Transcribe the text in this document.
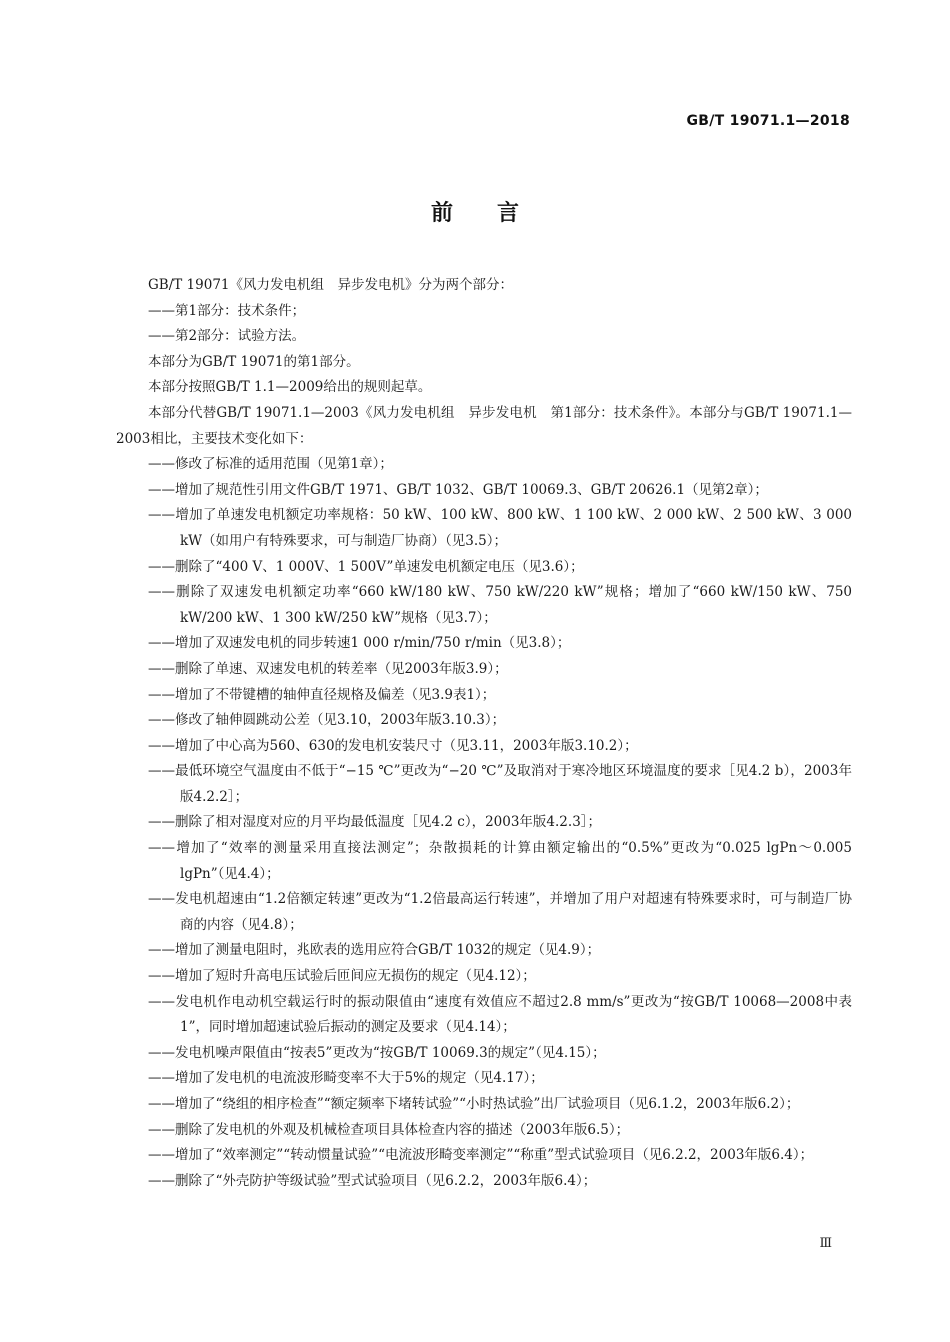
GB/T 19071.1—2018
前言

GB/T 19071《风力发电机组　异步发电机》分为两个部分：

——第1部分：技术条件；

——第2部分：试验方法。

本部分为GB/T 19071的第1部分。

本部分按照GB/T 1.1—2009给出的规则起草。

本部分代替GB/T 19071.1—2003《风力发电机组　异步发电机　第1部分：技术条件》。本部分与GB/T 19071.1—2003相比，主要技术变化如下：

——修改了标准的适用范围（见第1章）；

——增加了规范性引用文件GB/T 1971、GB/T 1032、GB/T 10069.3、GB/T 20626.1（见第2章）；

——增加了单速发电机额定功率规格：50 kW、100 kW、800 kW、1 100 kW、2 000 kW、2 500 kW、3 000 kW（如用户有特殊要求，可与制造厂协商）（见3.5）；

——删除了“400 V、1 000V、1 500V”单速发电机额定电压（见3.6）；

——删除了双速发电机额定功率“660 kW/180 kW、750 kW/220 kW”规格；增加了“660 kW/150 kW、750 kW/200 kW、1 300 kW/250 kW”规格（见3.7）；

——增加了双速发电机的同步转速1 000 r/min/750 r/min（见3.8）；

——删除了单速、双速发电机的转差率（见2003年版3.9）；

——增加了不带键槽的轴伸直径规格及偏差（见3.9表1）；

——修改了轴伸圆跳动公差（见3.10，2003年版3.10.3）；

——增加了中心高为560、630的发电机安装尺寸（见3.11，2003年版3.10.2）；

——最低环境空气温度由不低于“−15 ℃”更改为“−20 ℃”及取消对于寒冷地区环境温度的要求［见4.2 b），2003年版4.2.2］；

——删除了相对湿度对应的月平均最低温度［见4.2 c），2003年版4.2.3］；

——增加了“效率的测量采用直接法测定”；杂散损耗的计算由额定输出的“0.5%”更改为“0.025 lgPn～0.005 lgPn”（见4.4）；

——发电机超速由“1.2倍额定转速”更改为“1.2倍最高运行转速”，并增加了用户对超速有特殊要求时，可与制造厂协商的内容（见4.8）；

——增加了测量电阻时，兆欧表的选用应符合GB/T 1032的规定（见4.9）；

——增加了短时升高电压试验后匝间应无损伤的规定（见4.12）；

——发电机作电动机空载运行时的振动限值由“速度有效值应不超过2.8 mm/s”更改为“按GB/T 10068—2008中表1”，同时增加超速试验后振动的测定及要求（见4.14）；

——发电机噪声限值由“按表5”更改为“按GB/T 10069.3的规定”（见4.15）；

——增加了发电机的电流波形畸变率不大于5%的规定（见4.17）；

——增加了“绕组的相序检查”“额定频率下堵转试验”“小时热试验”出厂试验项目（见6.1.2，2003年版6.2）；

——删除了发电机的外观及机械检查项目具体检查内容的描述（2003年版6.5）；

——增加了“效率测定”“转动惯量试验”“电流波形畸变率测定”“称重”型式试验项目（见6.2.2，2003年版6.4）；

——删除了“外壳防护等级试验”型式试验项目（见6.2.2，2003年版6.4）；

Ⅲ
